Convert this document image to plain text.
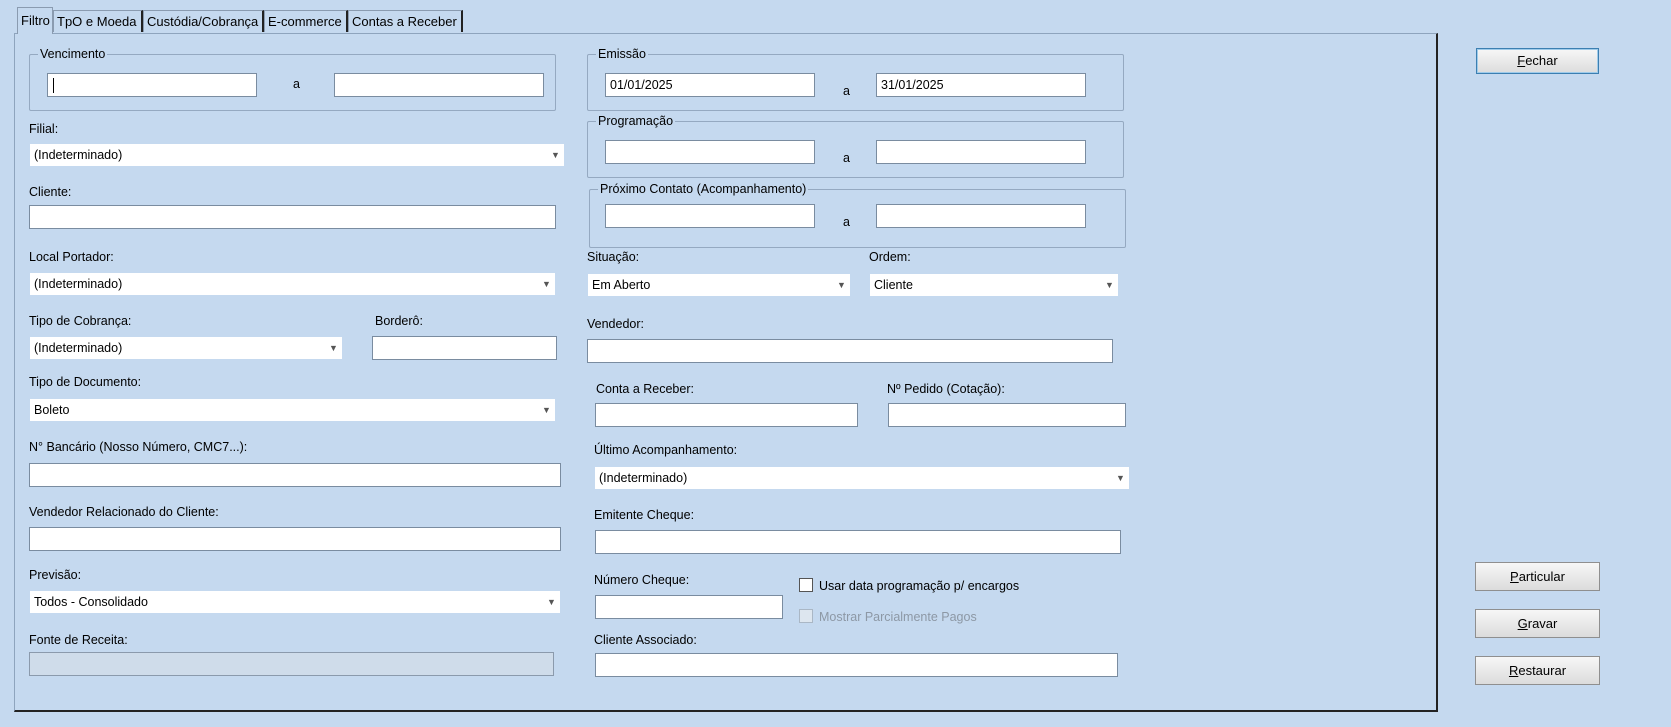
Filtro TpO e Moeda Custódia/Cobrança E-commerce Contas a Receber
Vencimento
a
Emissão
01/01/2025	a	31/01/2025
Programação
a
Próximo Contato (Acompanhamento)
a
Filial:
(Indeterminado)	▼
Cliente:
Local Portador:
(Indeterminado)	▼
Tipo de Cobrança:
(Indeterminado)	▼
Borderô:
Tipo de Documento:
Boleto	▼
N° Bancário (Nosso Número, CMC7...):
Vendedor Relacionado do Cliente:
Previsão:
Todos - Consolidado	▼
Fonte de Receita:
Situação:
Em Aberto	▼
Ordem:
Cliente	▼
Vendedor:
Conta a Receber:	Nº Pedido (Cotação):
Último Acompanhamento:
(Indeterminado)	▼
Emitente Cheque:
Número Cheque:	Usar data programação p/ encargos
Mostrar Parcialmente Pagos
Cliente Associado:
Fechar
Particular
Gravar
Restaurar
